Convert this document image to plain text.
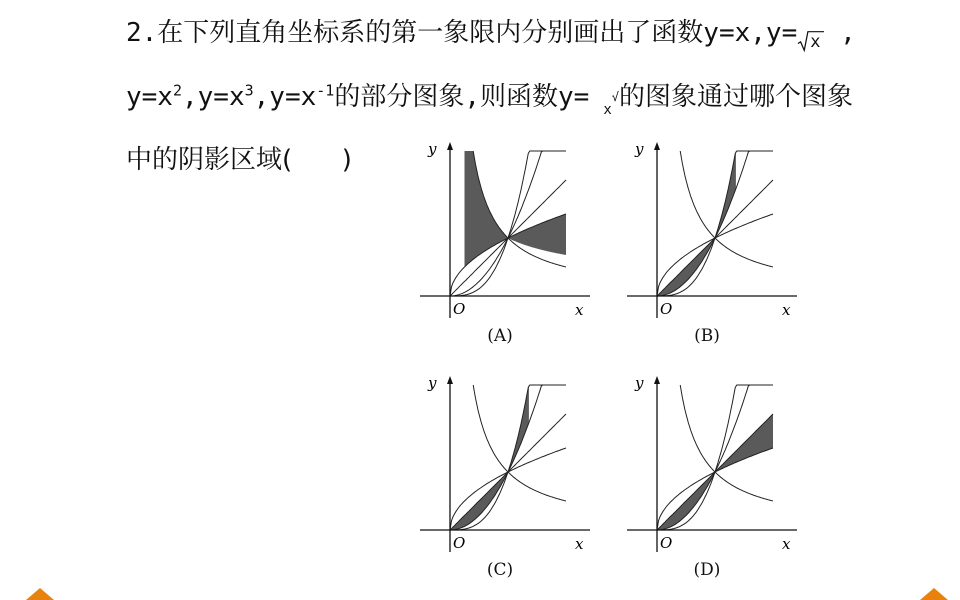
2.在下列直角坐标系的第一象限内分别画出了函数y=x,y= x ,
$y=x^2,y=x^3,y=x^{-1}$的部分图象,则函数y= $_x$√的图象通过哪个图象
中的阴影区域( )
x
y
O
(A)
x
y
O
(B)
x
y
O
(C)
x
y
O
(D)
